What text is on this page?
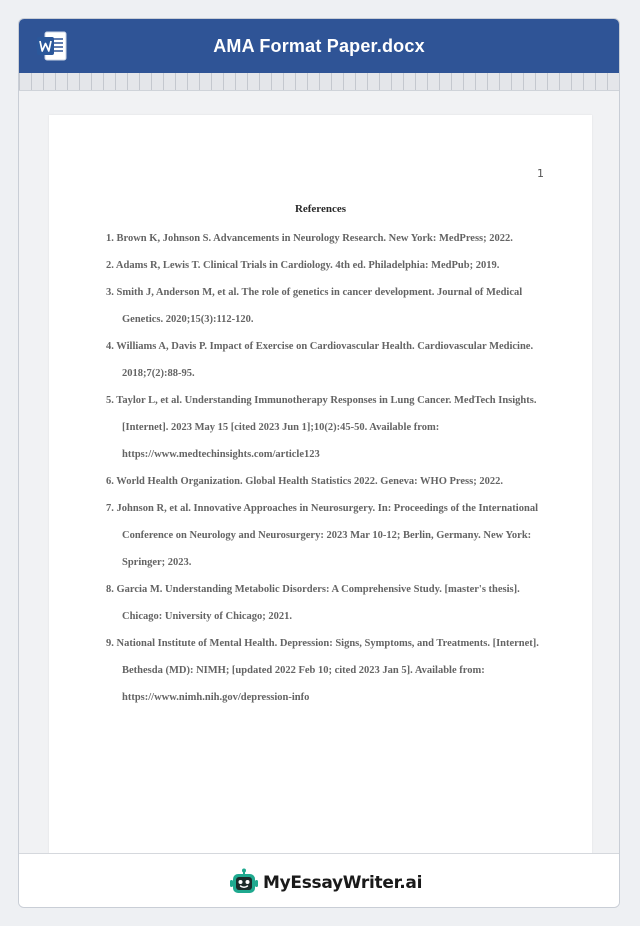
AMA Format Paper.docx
1
References
1. Brown K, Johnson S. Advancements in Neurology Research. New York: MedPress; 2022.
2. Adams R, Lewis T. Clinical Trials in Cardiology. 4th ed. Philadelphia: MedPub; 2019.
3. Smith J, Anderson M, et al. The role of genetics in cancer development. Journal of Medical Genetics. 2020;15(3):112-120.
4. Williams A, Davis P. Impact of Exercise on Cardiovascular Health. Cardiovascular Medicine. 2018;7(2):88-95.
5. Taylor L, et al. Understanding Immunotherapy Responses in Lung Cancer. MedTech Insights. [Internet]. 2023 May 15 [cited 2023 Jun 1];10(2):45-50. Available from: https://www.medtechinsights.com/article123
6. World Health Organization. Global Health Statistics 2022. Geneva: WHO Press; 2022.
7. Johnson R, et al. Innovative Approaches in Neurosurgery. In: Proceedings of the International Conference on Neurology and Neurosurgery: 2023 Mar 10-12; Berlin, Germany. New York: Springer; 2023.
8. Garcia M. Understanding Metabolic Disorders: A Comprehensive Study. [master's thesis]. Chicago: University of Chicago; 2021.
9. National Institute of Mental Health. Depression: Signs, Symptoms, and Treatments. [Internet]. Bethesda (MD): NIMH; [updated 2022 Feb 10; cited 2023 Jan 5]. Available from: https://www.nimh.nih.gov/depression-info
MyEssayWriter.ai
